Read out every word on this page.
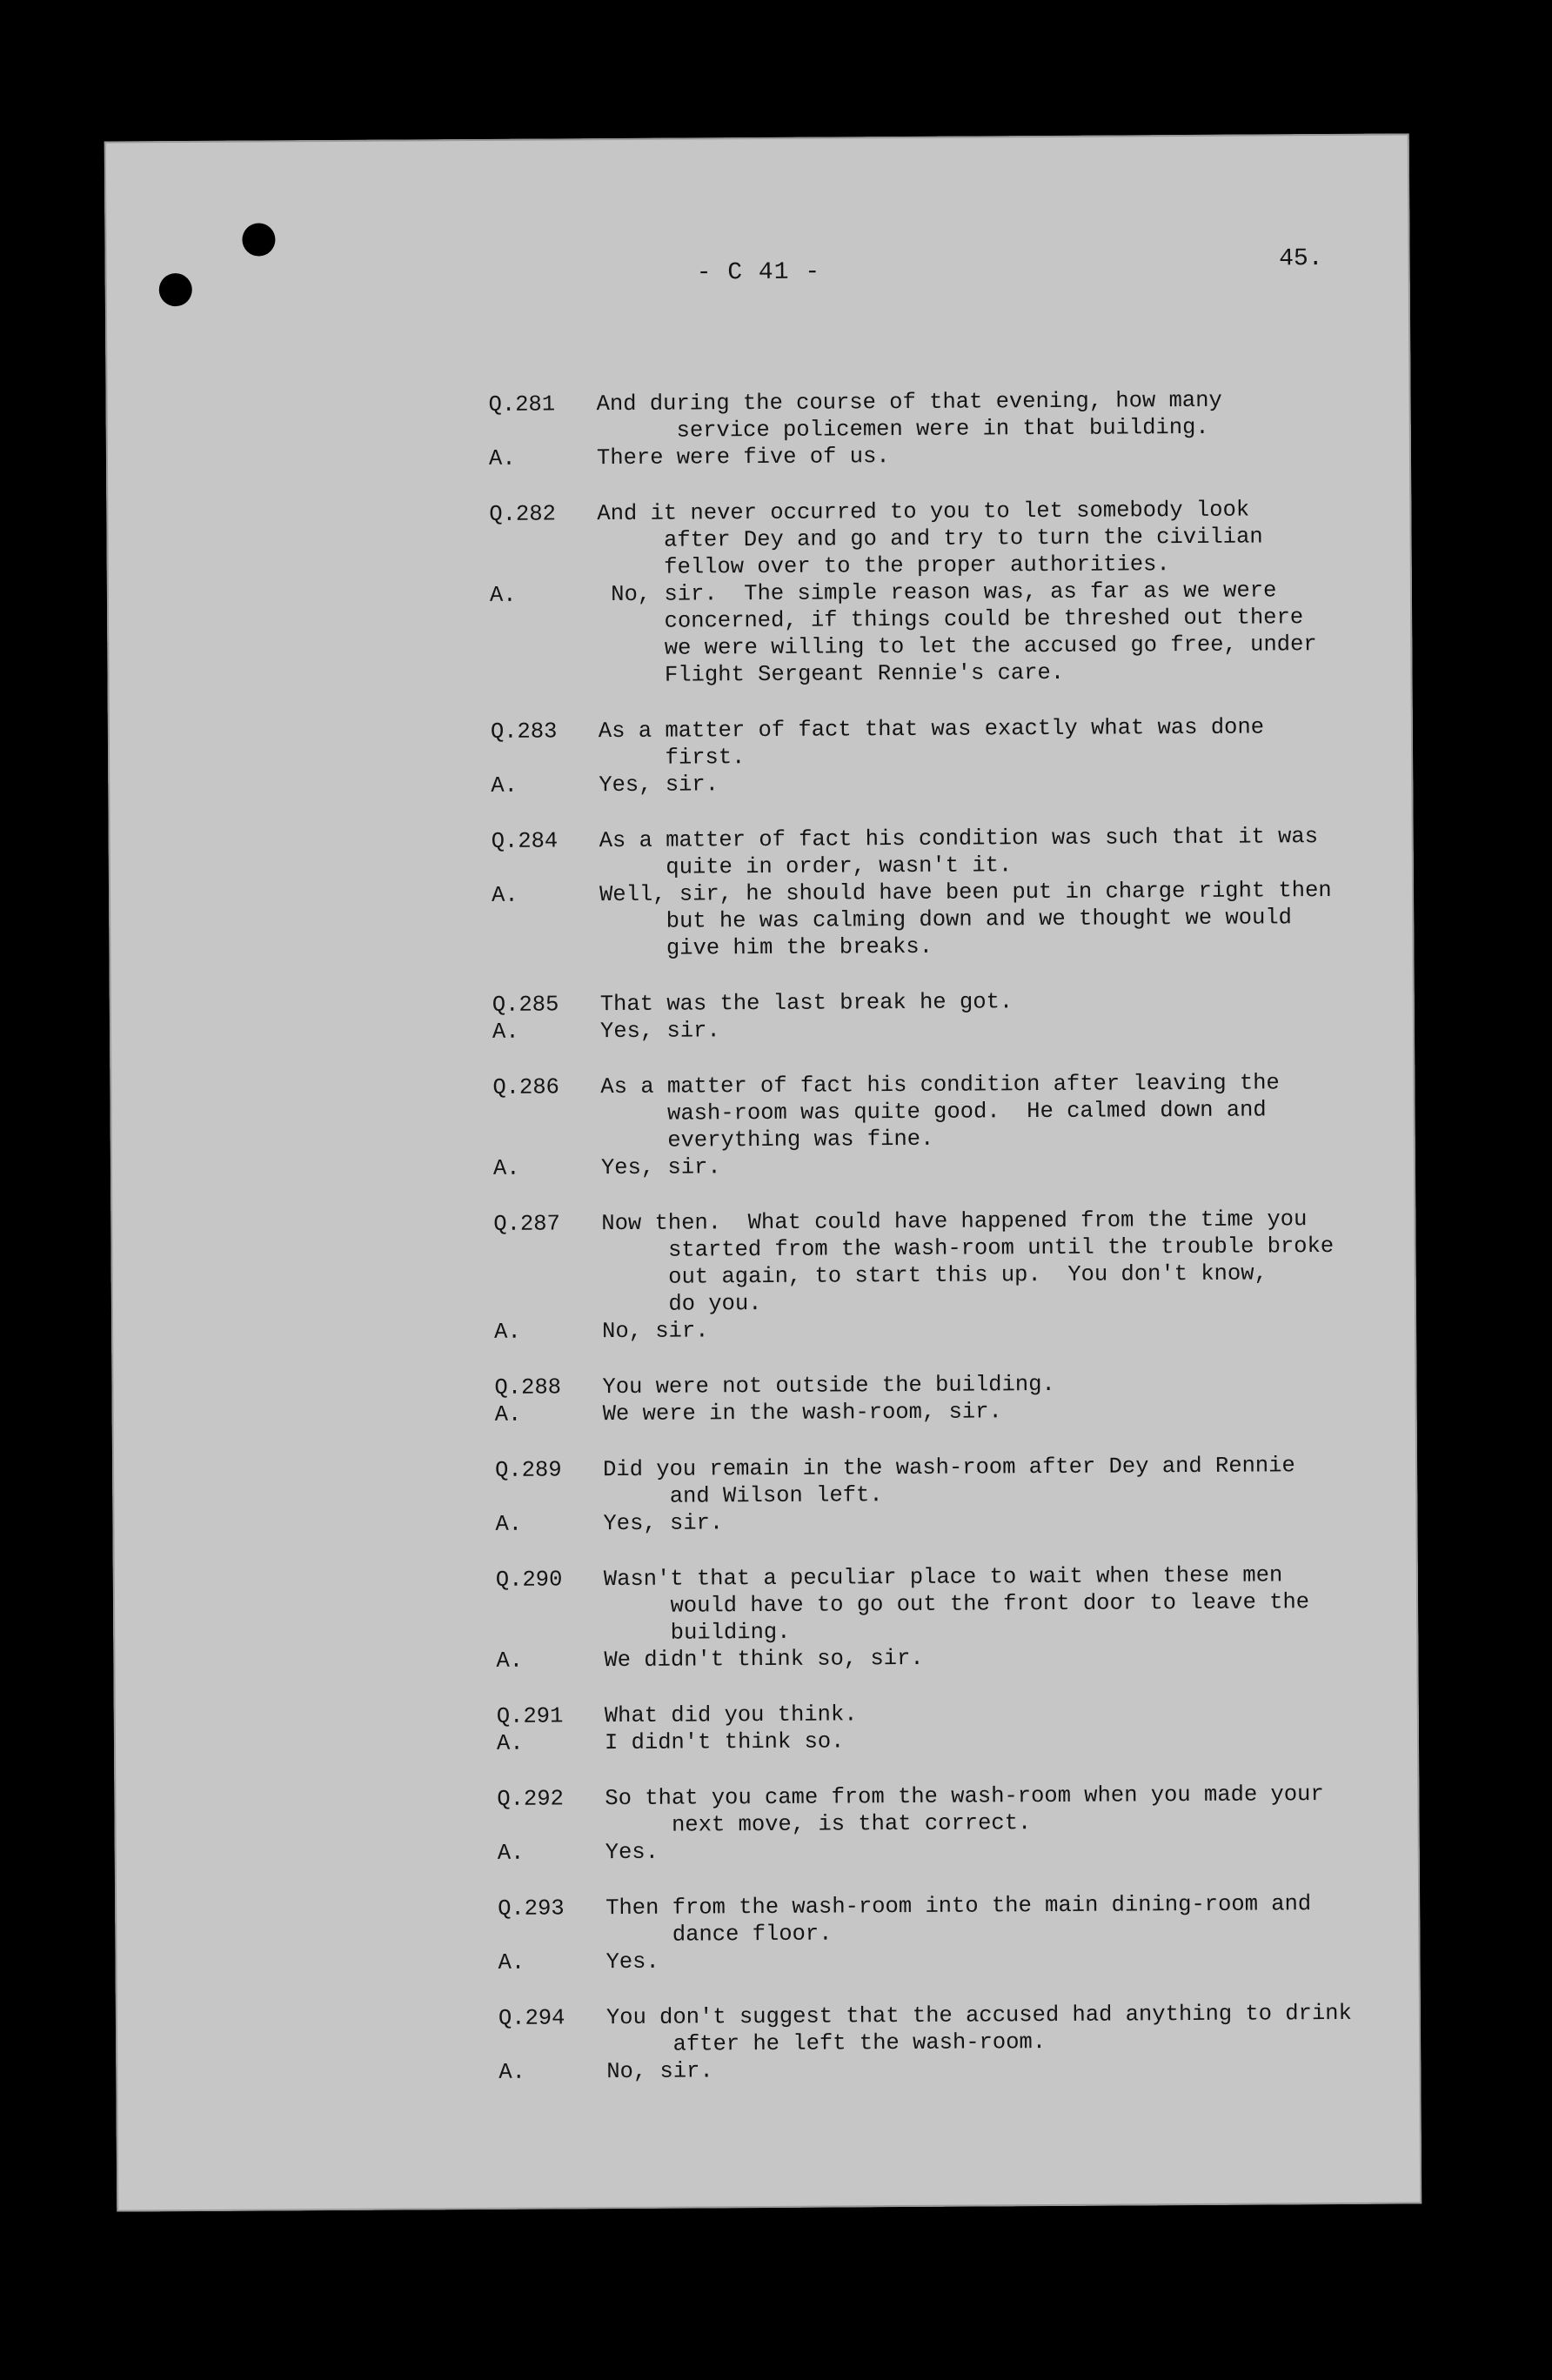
- C 41 -	45.
Q.281	And during the course of that evening, how many
service policemen were in that building.
A.	There were five of us.
Q.282	And it never occurred to you to let somebody look
after Dey and go and try to turn the civilian
fellow over to the proper authorities.
A.	No, sir.  The simple reason was, as far as we were
concerned, if things could be threshed out there
we were willing to let the accused go free, under
Flight Sergeant Rennie's care.
Q.283	As a matter of fact that was exactly what was done
first.
A.	Yes, sir.
Q.284	As a matter of fact his condition was such that it was
quite in order, wasn't it.
A.	Well, sir, he should have been put in charge right then
but he was calming down and we thought we would
give him the breaks.
Q.285	That was the last break he got.
A.	Yes, sir.
Q.286	As a matter of fact his condition after leaving the
wash-room was quite good.  He calmed down and
everything was fine.
A.	Yes, sir.
Q.287	Now then.  What could have happened from the time you
started from the wash-room until the trouble broke
out again, to start this up.  You don't know,
do you.
A.	No, sir.
Q.288	You were not outside the building.
A.	We were in the wash-room, sir.
Q.289	Did you remain in the wash-room after Dey and Rennie
and Wilson left.
A.	Yes, sir.
Q.290	Wasn't that a peculiar place to wait when these men
would have to go out the front door to leave the
building.
A.	We didn't think so, sir.
Q.291	What did you think.
A.	I didn't think so.
Q.292	So that you came from the wash-room when you made your
next move, is that correct.
A.	Yes.
Q.293	Then from the wash-room into the main dining-room and
dance floor.
A.	Yes.
Q.294	You don't suggest that the accused had anything to drink
after he left the wash-room.
A.	No, sir.
